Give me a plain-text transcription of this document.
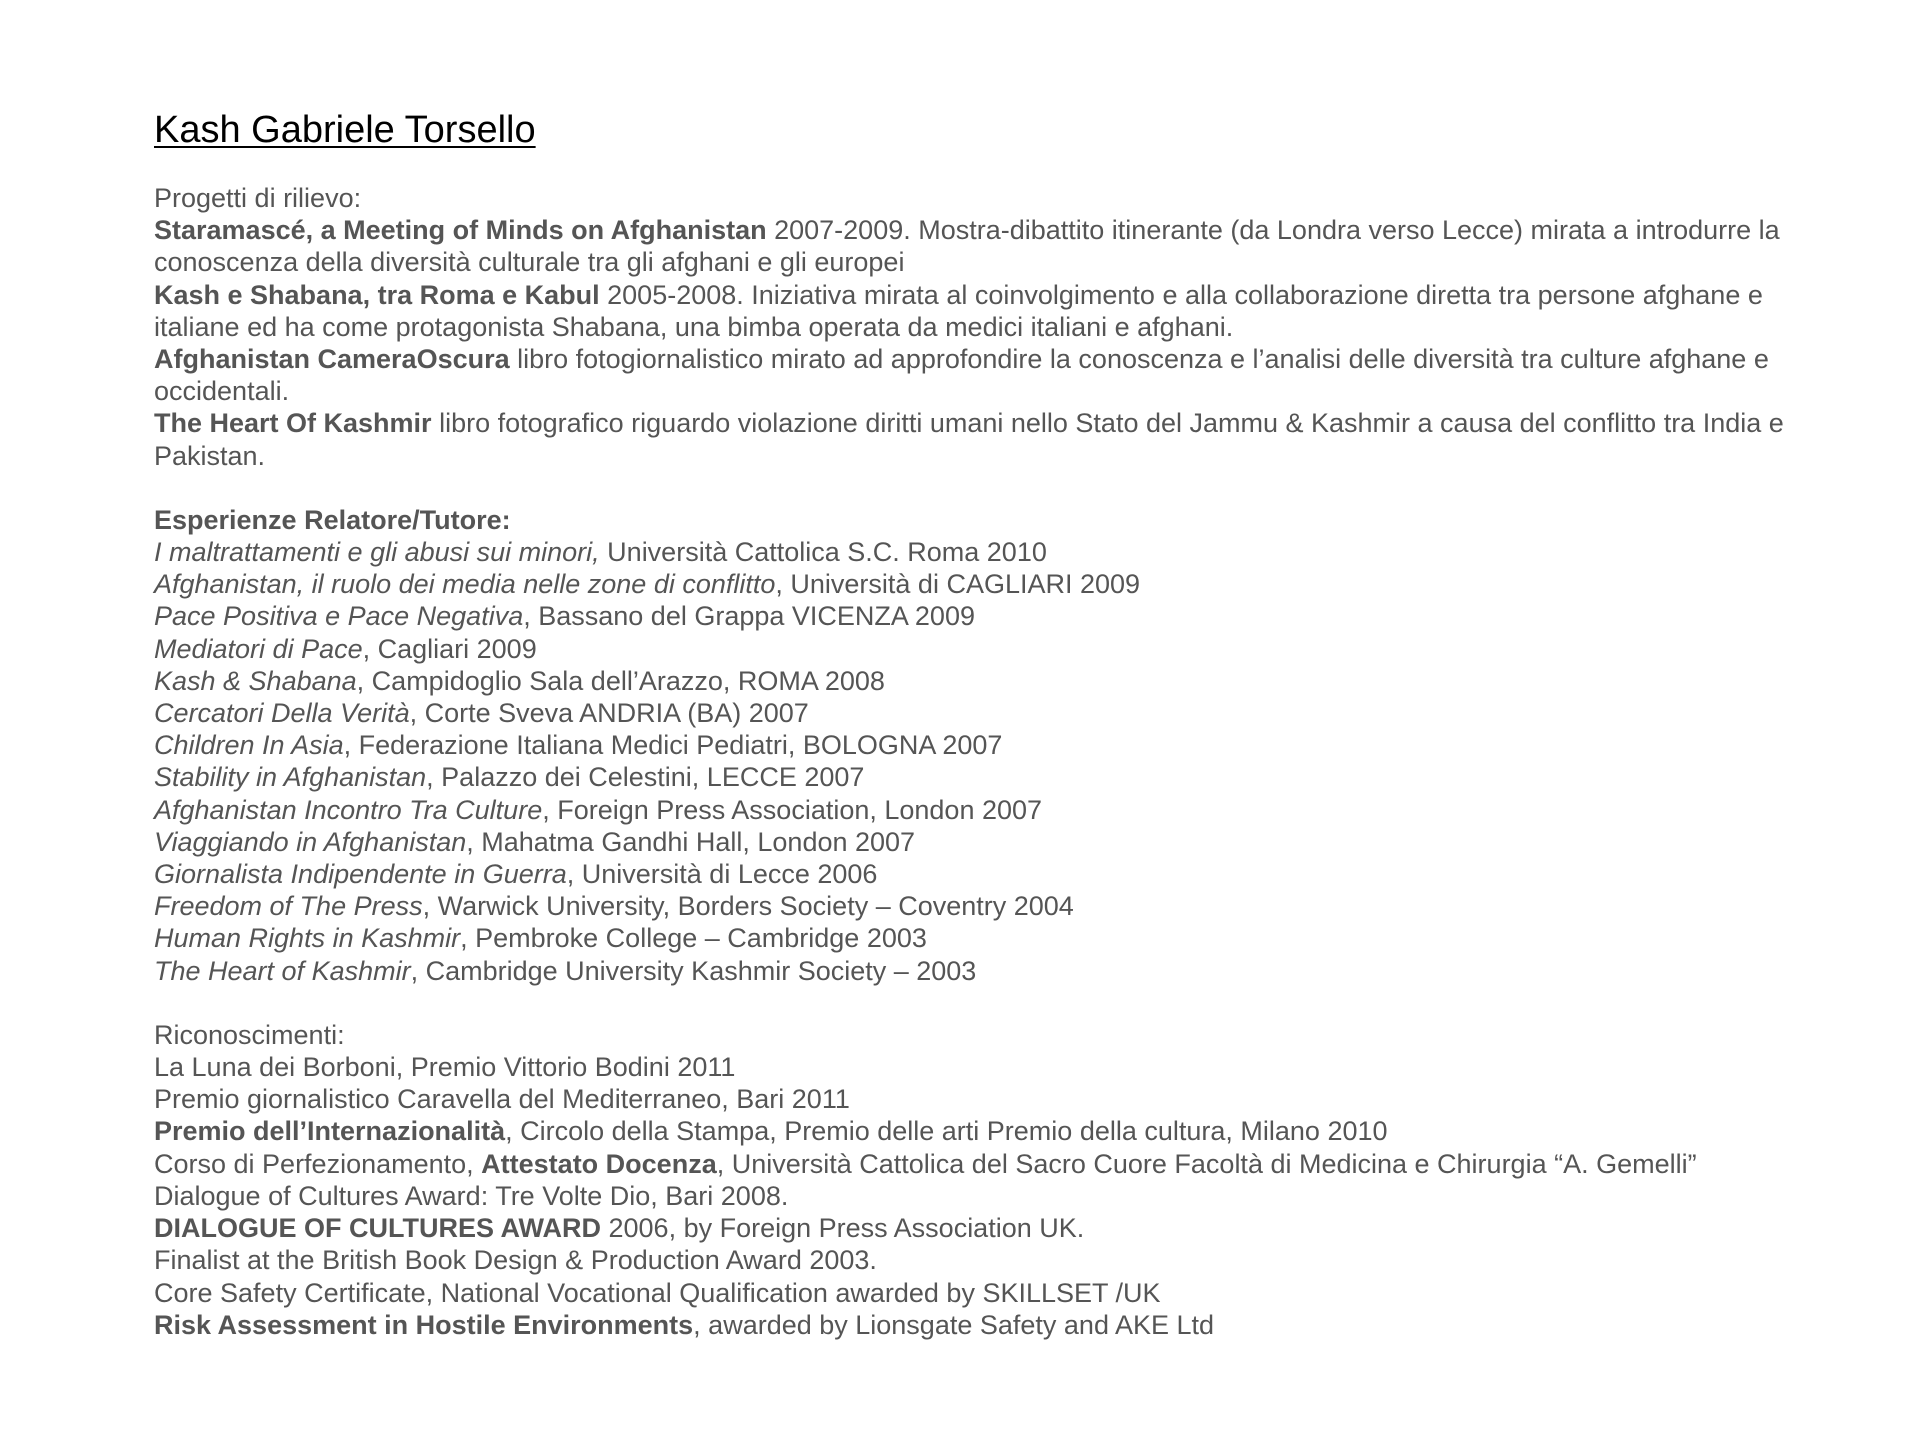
Kash Gabriele Torsello

Progetti di rilievo:

Staramascé, a Meeting of Minds on Afghanistan 2007-2009. Mostra-dibattito itinerante (da Londra verso Lecce) mirata a introdurre la conoscenza della diversità culturale tra gli afghani e gli europei

Kash e Shabana, tra Roma e Kabul 2005-2008. Iniziativa mirata al coinvolgimento e alla collaborazione diretta tra persone afghane e italiane ed ha come protagonista Shabana, una bimba operata da medici italiani e afghani.

Afghanistan CameraOscura libro fotogiornalistico mirato ad approfondire la conoscenza e l’analisi delle diversità tra culture afghane e occidentali.

The Heart Of Kashmir libro fotografico riguardo violazione diritti umani nello Stato del Jammu & Kashmir a causa del conflitto tra India e Pakistan.

Esperienze Relatore/Tutore:

I maltrattamenti e gli abusi sui minori, Università Cattolica S.C. Roma 2010

Afghanistan, il ruolo dei media nelle zone di conflitto, Università di CAGLIARI 2009

Pace Positiva e Pace Negativa, Bassano del Grappa VICENZA 2009

Mediatori di Pace, Cagliari 2009

Kash & Shabana, Campidoglio Sala dell’Arazzo, ROMA 2008

Cercatori Della Verità, Corte Sveva ANDRIA (BA) 2007

Children In Asia, Federazione Italiana Medici Pediatri, BOLOGNA 2007

Stability in Afghanistan, Palazzo dei Celestini, LECCE 2007

Afghanistan Incontro Tra Culture, Foreign Press Association, London 2007

Viaggiando in Afghanistan, Mahatma Gandhi Hall, London 2007

Giornalista Indipendente in Guerra, Università di Lecce 2006

Freedom of The Press, Warwick University, Borders Society – Coventry 2004

Human Rights in Kashmir, Pembroke College – Cambridge 2003

The Heart of Kashmir, Cambridge University Kashmir Society – 2003

Riconoscimenti:

La Luna dei Borboni, Premio Vittorio Bodini 2011

Premio giornalistico Caravella del Mediterraneo, Bari 2011

Premio dell’Internazionalità, Circolo della Stampa, Premio delle arti Premio della cultura, Milano 2010

Corso di Perfezionamento, Attestato Docenza, Università Cattolica del Sacro Cuore Facoltà di Medicina e Chirurgia “A. Gemelli”

Dialogue of Cultures Award: Tre Volte Dio, Bari 2008.

DIALOGUE OF CULTURES AWARD 2006, by Foreign Press Association UK.

Finalist at the British Book Design & Production Award 2003.

Core Safety Certificate, National Vocational Qualification awarded by SKILLSET /UK

Risk Assessment in Hostile Environments, awarded by Lionsgate Safety and AKE Ltd
